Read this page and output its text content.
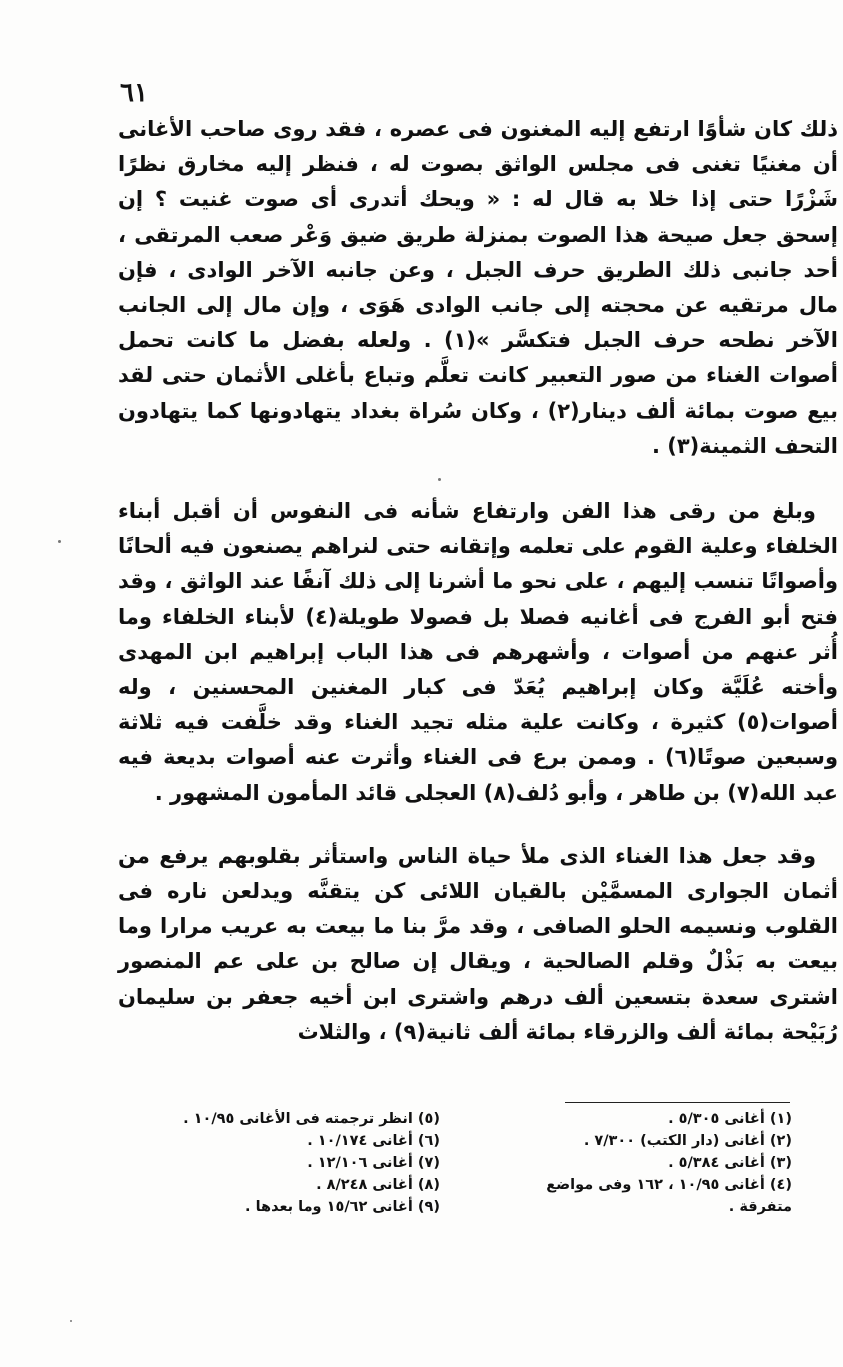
٦١

ذلك كان شأوًا ارتفع إليه المغنون فى عصره ، فقد روى صاحب الأغانى أن مغنيًا تغنى فى مجلس الواثق بصوت له ، فنظر إليه مخارق نظرًا شَزْرًا حتى إذا خلا به قال له : « ويحك أتدرى أى صوت غنيت ؟ إن إسحق جعل صيحة هذا الصوت بمنزلة طريق ضيق وَعْر صعب المرتقى ، أحد جانبى ذلك الطريق حرف الجبل ، وعن جانبه الآخر الوادى ، فإن مال مرتقيه عن محجته إلى جانب الوادى هَوَى ، وإن مال إلى الجانب الآخر نطحه حرف الجبل فتكسَّر »(١) . ولعله بفضل ما كانت تحمل أصوات الغناء من صور التعبير كانت تعلَّم وتباع بأغلى الأثمان حتى لقد بيع صوت بمائة ألف دينار(٢) ، وكان سُراة بغداد يتهادونها كما يتهادون التحف الثمينة(٣) .

وبلغ من رقى هذا الفن وارتفاع شأنه فى النفوس أن أقبل أبناء الخلفاء وعلية القوم على تعلمه وإتقانه حتى لنراهم يصنعون فيه ألحانًا وأصواتًا تنسب إليهم ، على نحو ما أشرنا إلى ذلك آنفًا عند الواثق ، وقد فتح أبو الفرج فى أغانيه فصلا بل فصولا طويلة(٤) لأبناء الخلفاء وما أُثر عنهم من أصوات ، وأشهرهم فى هذا الباب إبراهيم ابن المهدى وأخته عُلَيَّة وكان إبراهيم يُعَدّ فى كبار المغنين المحسنين ، وله أصوات(٥) كثيرة ، وكانت علية مثله تجيد الغناء وقد خلَّفت فيه ثلاثة وسبعين صوتًا(٦) . وممن برع فى الغناء وأثرت عنه أصوات بديعة فيه عبد الله(٧) بن طاهر ، وأبو دُلف(٨) العجلى قائد المأمون المشهور .

وقد جعل هذا الغناء الذى ملأ حياة الناس واستأثر بقلوبهم يرفع من أثمان الجوارى المسمَّيْن بالقيان اللائى كن يتقنَّه ويدلعن ناره فى القلوب ونسيمه الحلو الصافى ، وقد مرَّ بنا ما بيعت به عريب مرارا وما بيعت به بَذْلٌ وقلم الصالحية ، ويقال إن صالح بن على عم المنصور اشترى سعدة بتسعين ألف درهم واشترى ابن أخيه جعفر بن سليمان رُبَيْحة بمائة ألف والزرقاء بمائة ألف ثانية(٩) ، والثلاث

(١) أغانى ٥/٣٠٥ .

(٢) أغانى (دار الكتب) ٧/٣٠٠ .

(٣) أغانى ٥/٣٨٤ .

(٤) أغانى ١٠/٩٥ ، ١٦٢ وفى مواضع متفرقة .

(٥) انظر ترجمته فى الأغانى ١٠/٩٥ .

(٦) أغانى ١٠/١٧٤ .

(٧) أغانى ١٢/١٠٦ .

(٨) أغانى ٨/٢٤٨ .

(٩) أغانى ١٥/٦٢ وما بعدها .
